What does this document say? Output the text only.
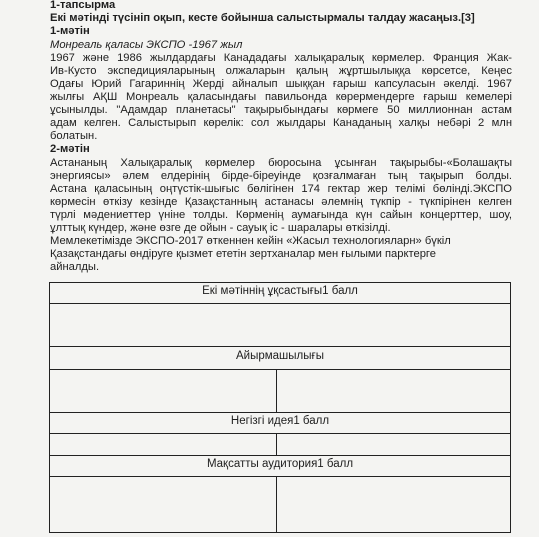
1-тапсырма
Екі мәтінді түсініп оқып, кесте бойынша салыстырмалы талдау жасаңыз.[3]
1-мәтін
Монреаль қаласы ЭКСПО -1967 жыл
1967 және 1986 жылдардағы Канададағы халықаралық көрмелер. Франция Жак-
Ив-Кусто экспедицияларының олжаларын қалың жұртшылыққа көрсетсе, Кеңес
Одағы Юрий Гагариннің Жерді айналып шыққан ғарыш капсуласын әкелді. 1967
жылғы АҚШ Монреаль қаласындағы павильонда көрермендерге ғарыш кемелері
ұсынылды. "Адамдар планетасы" тақырыбындағы көрмеге 50 миллионнан астам
адам келген. Салыстырып көрелік: сол жылдары Канаданың халқы небәрі 2 млн
болатын.
2-мәтін
Астананың Халықаралық көрмелер бюросына ұсынған тақырыбы-«Болашақты
энергиясы» әлем елдерінің бірде-біреуінде қозғалмаған тың тақырып болды.
Астана қаласының оңтүстік-шығыс бөлігінен 174 гектар жер телімі бөлінді.ЭКСПО
көрмесін өткізу кезінде Қазақстанның астанасы әлемнің түкпір - түкпірінен келген
түрлі мәдениеттер үніне толды. Көрменің аумағында күн сайын концерттер, шоу,
ұлттық күндер, және өзге де ойын - сауық іс - шаралары өткізілді.
Мемлекетімізде ЭКСПО-2017 өткеннен кейін «Жасыл технологияларн» бүкіл
Қазақстандағы өндіруге қызмет ететін зертханалар мен ғылыми парктерге
айналды.
Екі мәтіннің ұқсастығы1 балл
Айырмашылығы
Негізгі идея1 балл
Мақсатты аудитория1 балл
